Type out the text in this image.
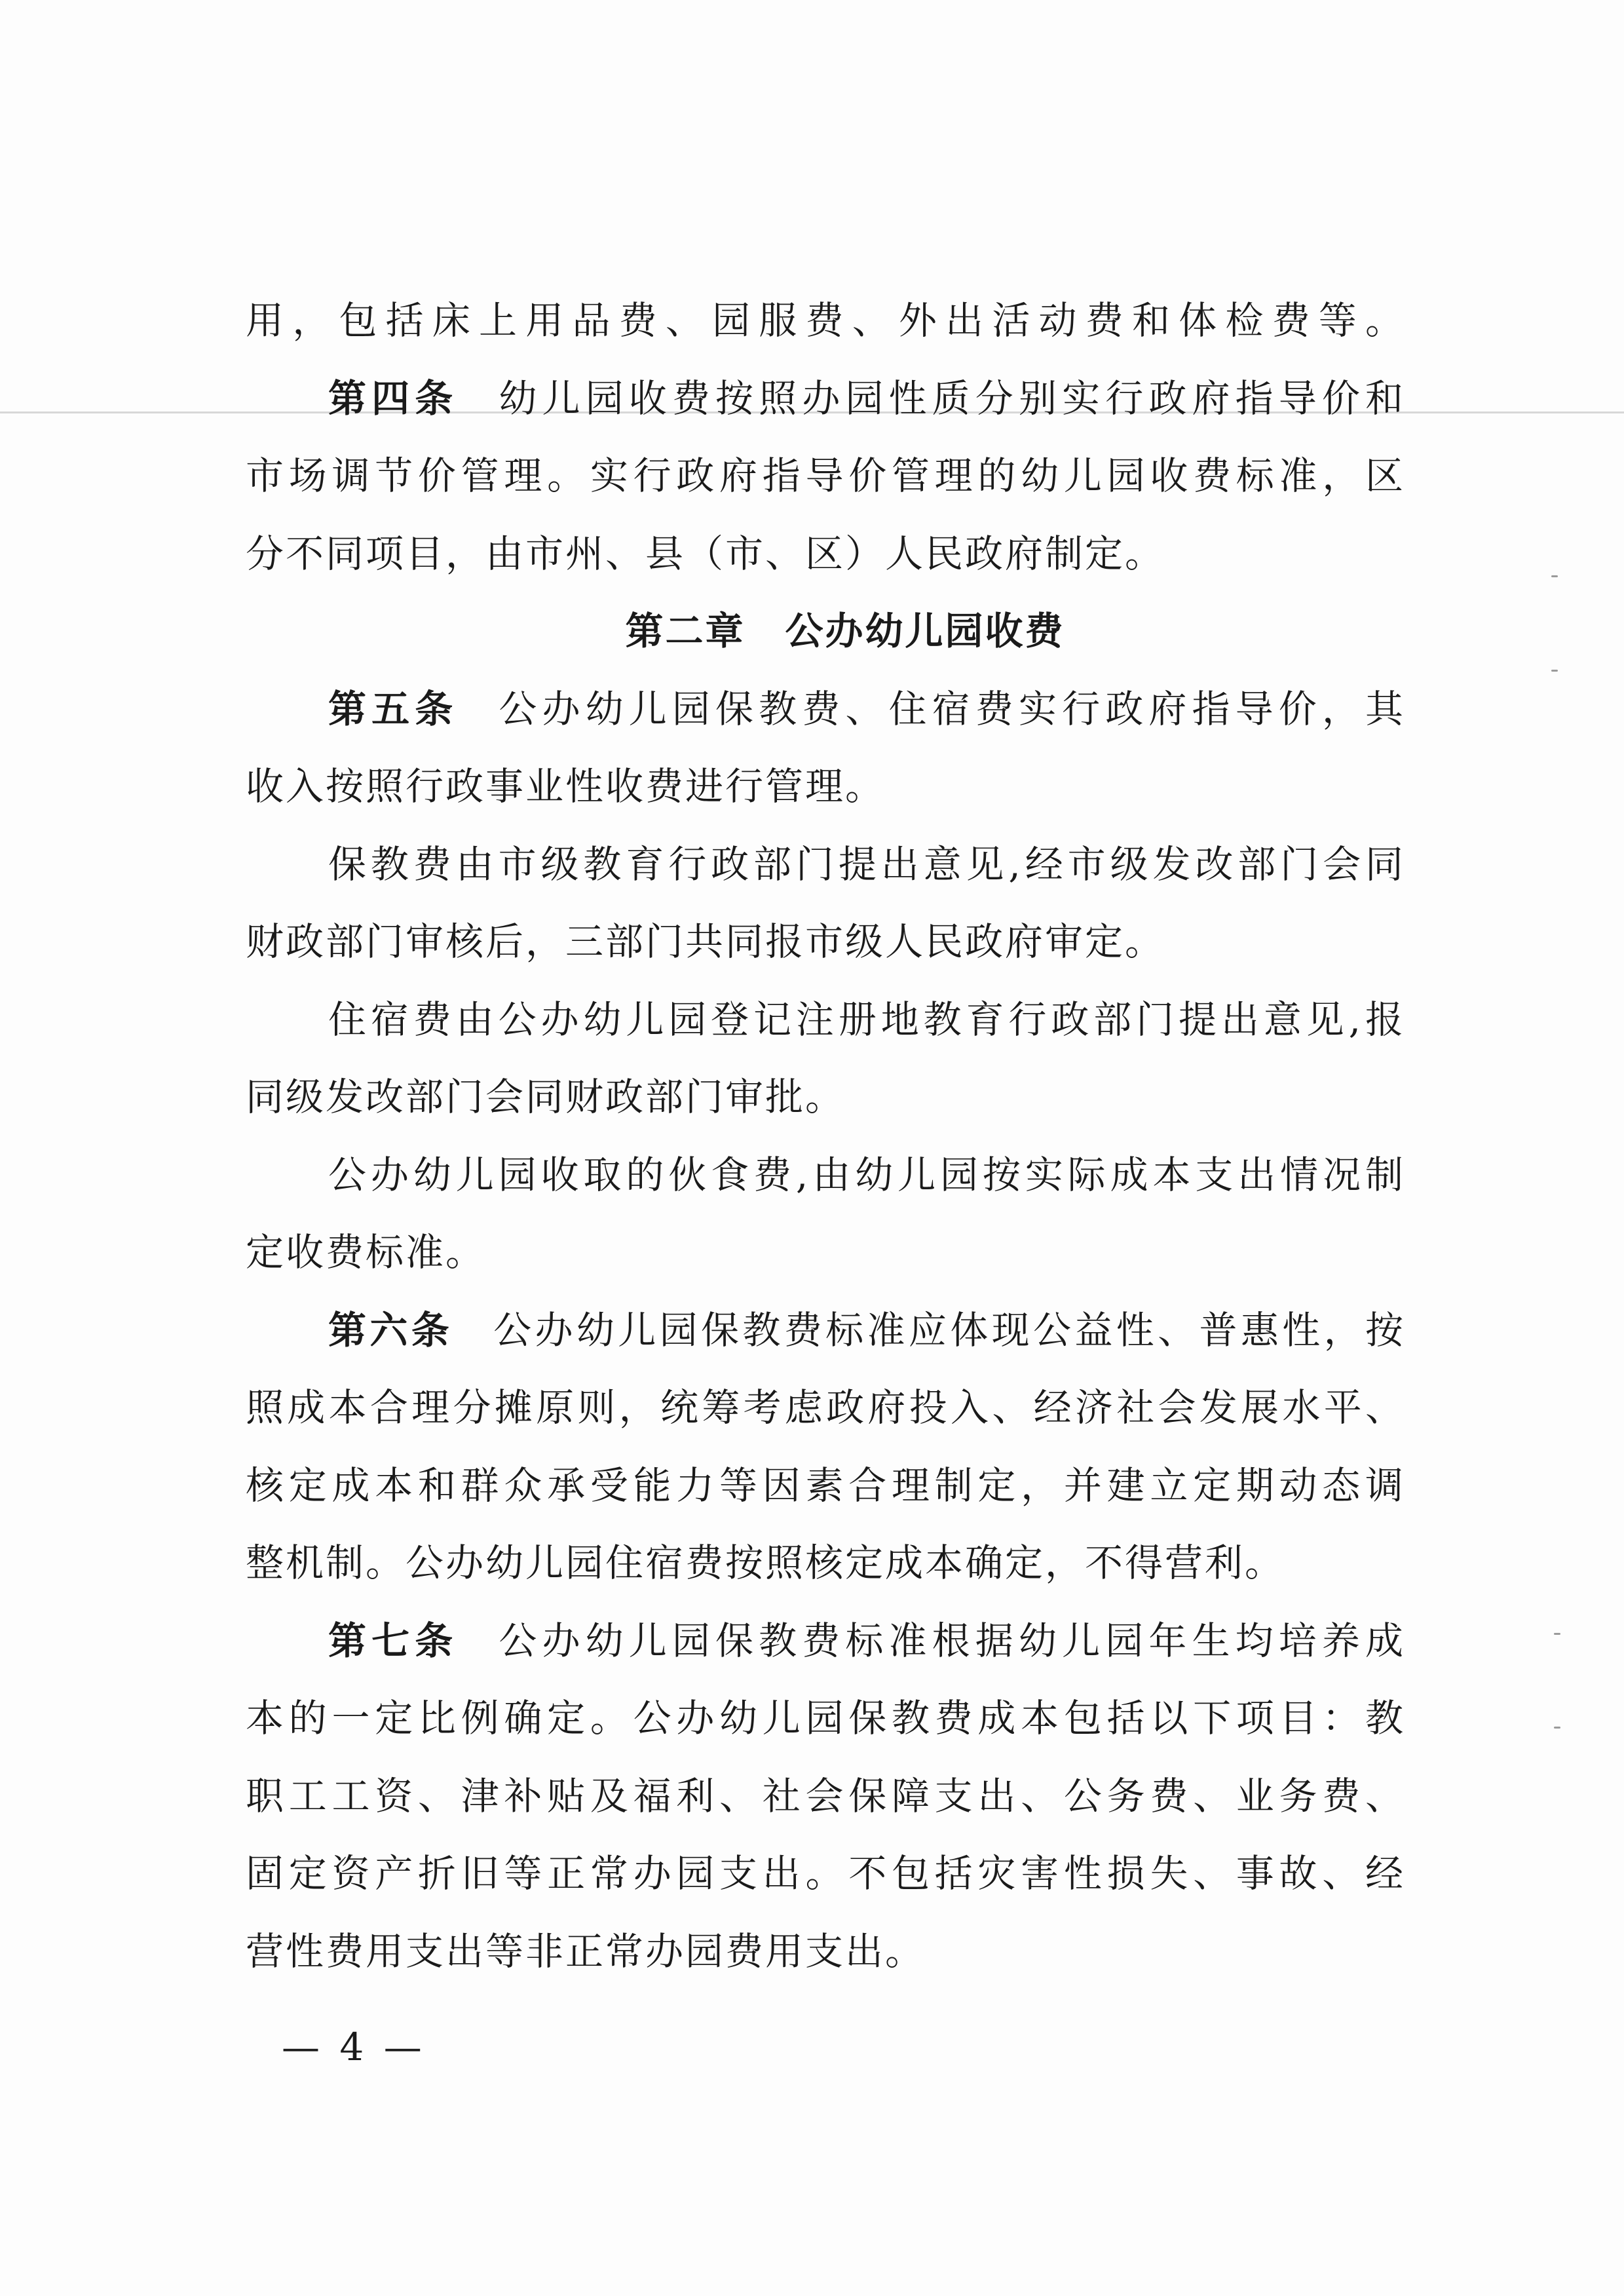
用，包括床上用品费、园服费、外出活动费和体检费等。
第四条 幼儿园收费按照办园性质分别实行政府指导价和
市场调节价管理。实行政府指导价管理的幼儿园收费标准，区
分不同项目，由市州、县（市、区）人民政府制定。
第二章　公办幼儿园收费
第五条 公办幼儿园保教费、住宿费实行政府指导价，其
收入按照行政事业性收费进行管理。
保教费由市级教育行政部门提出意见,经市级发改部门会同
财政部门审核后，三部门共同报市级人民政府审定。
住宿费由公办幼儿园登记注册地教育行政部门提出意见,报
同级发改部门会同财政部门审批。
公办幼儿园收取的伙食费,由幼儿园按实际成本支出情况制
定收费标准。
第六条 公办幼儿园保教费标准应体现公益性、普惠性，按
照成本合理分摊原则，统筹考虑政府投入、经济社会发展水平、
核定成本和群众承受能力等因素合理制定，并建立定期动态调
整机制。公办幼儿园住宿费按照核定成本确定，不得营利。
第七条 公办幼儿园保教费标准根据幼儿园年生均培养成
本的一定比例确定。公办幼儿园保教费成本包括以下项目：教
职工工资、津补贴及福利、社会保障支出、公务费、业务费、
固定资产折旧等正常办园支出。不包括灾害性损失、事故、经
营性费用支出等非正常办园费用支出。
— 4 —
